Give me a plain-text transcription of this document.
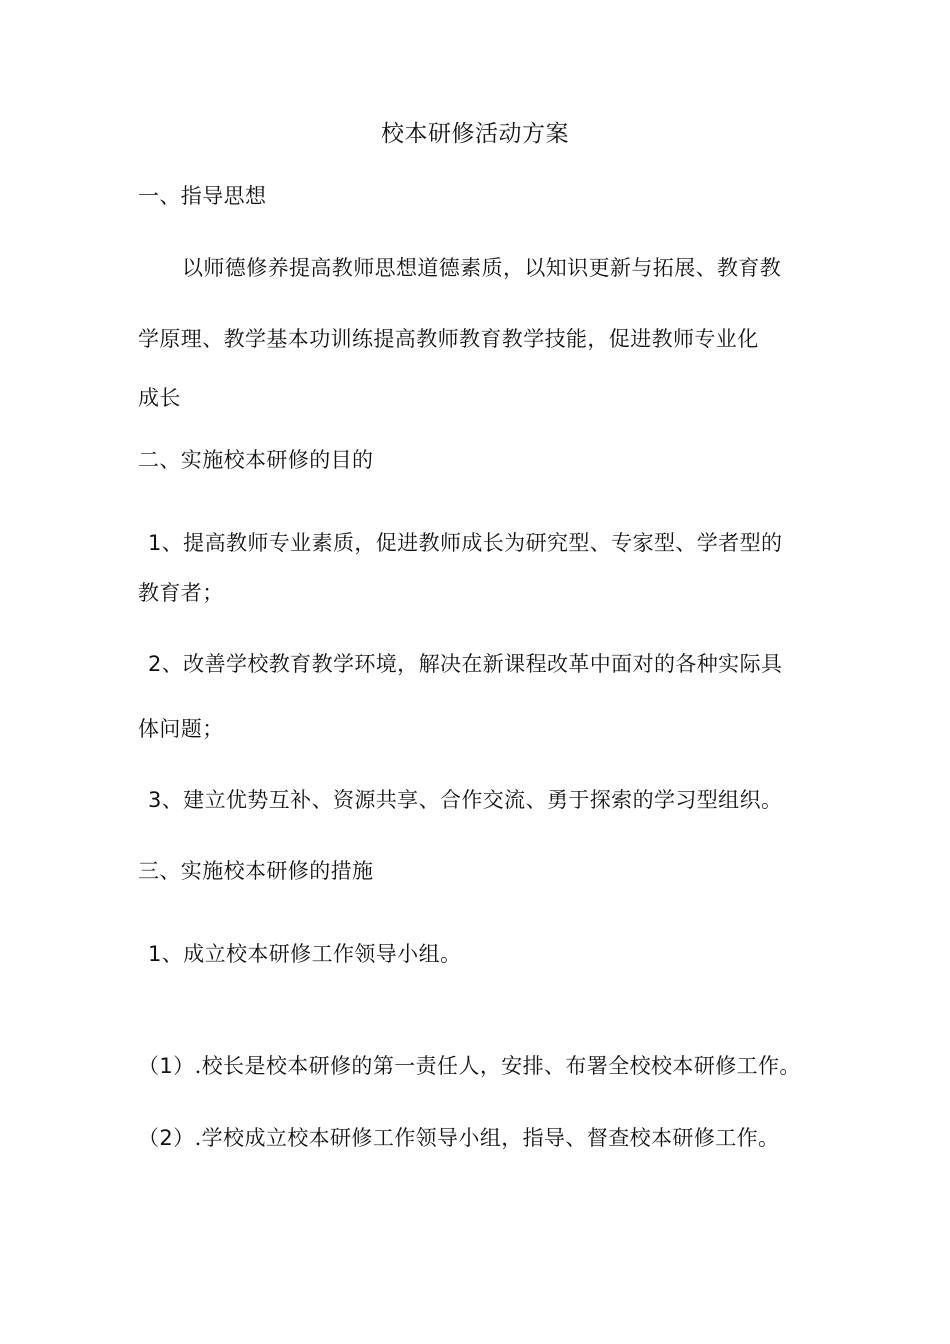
校本研修活动方案

一、指导思想

以师德修养提高教师思想道德素质，以知识更新与拓展、教育教

学原理、教学基本功训练提高教师教育教学技能，促进教师专业化

成长

二、实施校本研修的目的

1、提高教师专业素质，促进教师成长为研究型、专家型、学者型的

教育者；

2、改善学校教育教学环境，解决在新课程改革中面对的各种实际具

体问题；

3、建立优势互补、资源共享、合作交流、勇于探索的学习型组织。

三、实施校本研修的措施

1、成立校本研修工作领导小组。

（1）.校长是校本研修的第一责任人，安排、布署全校校本研修工作。

（2）.学校成立校本研修工作领导小组，指导、督查校本研修工作。
